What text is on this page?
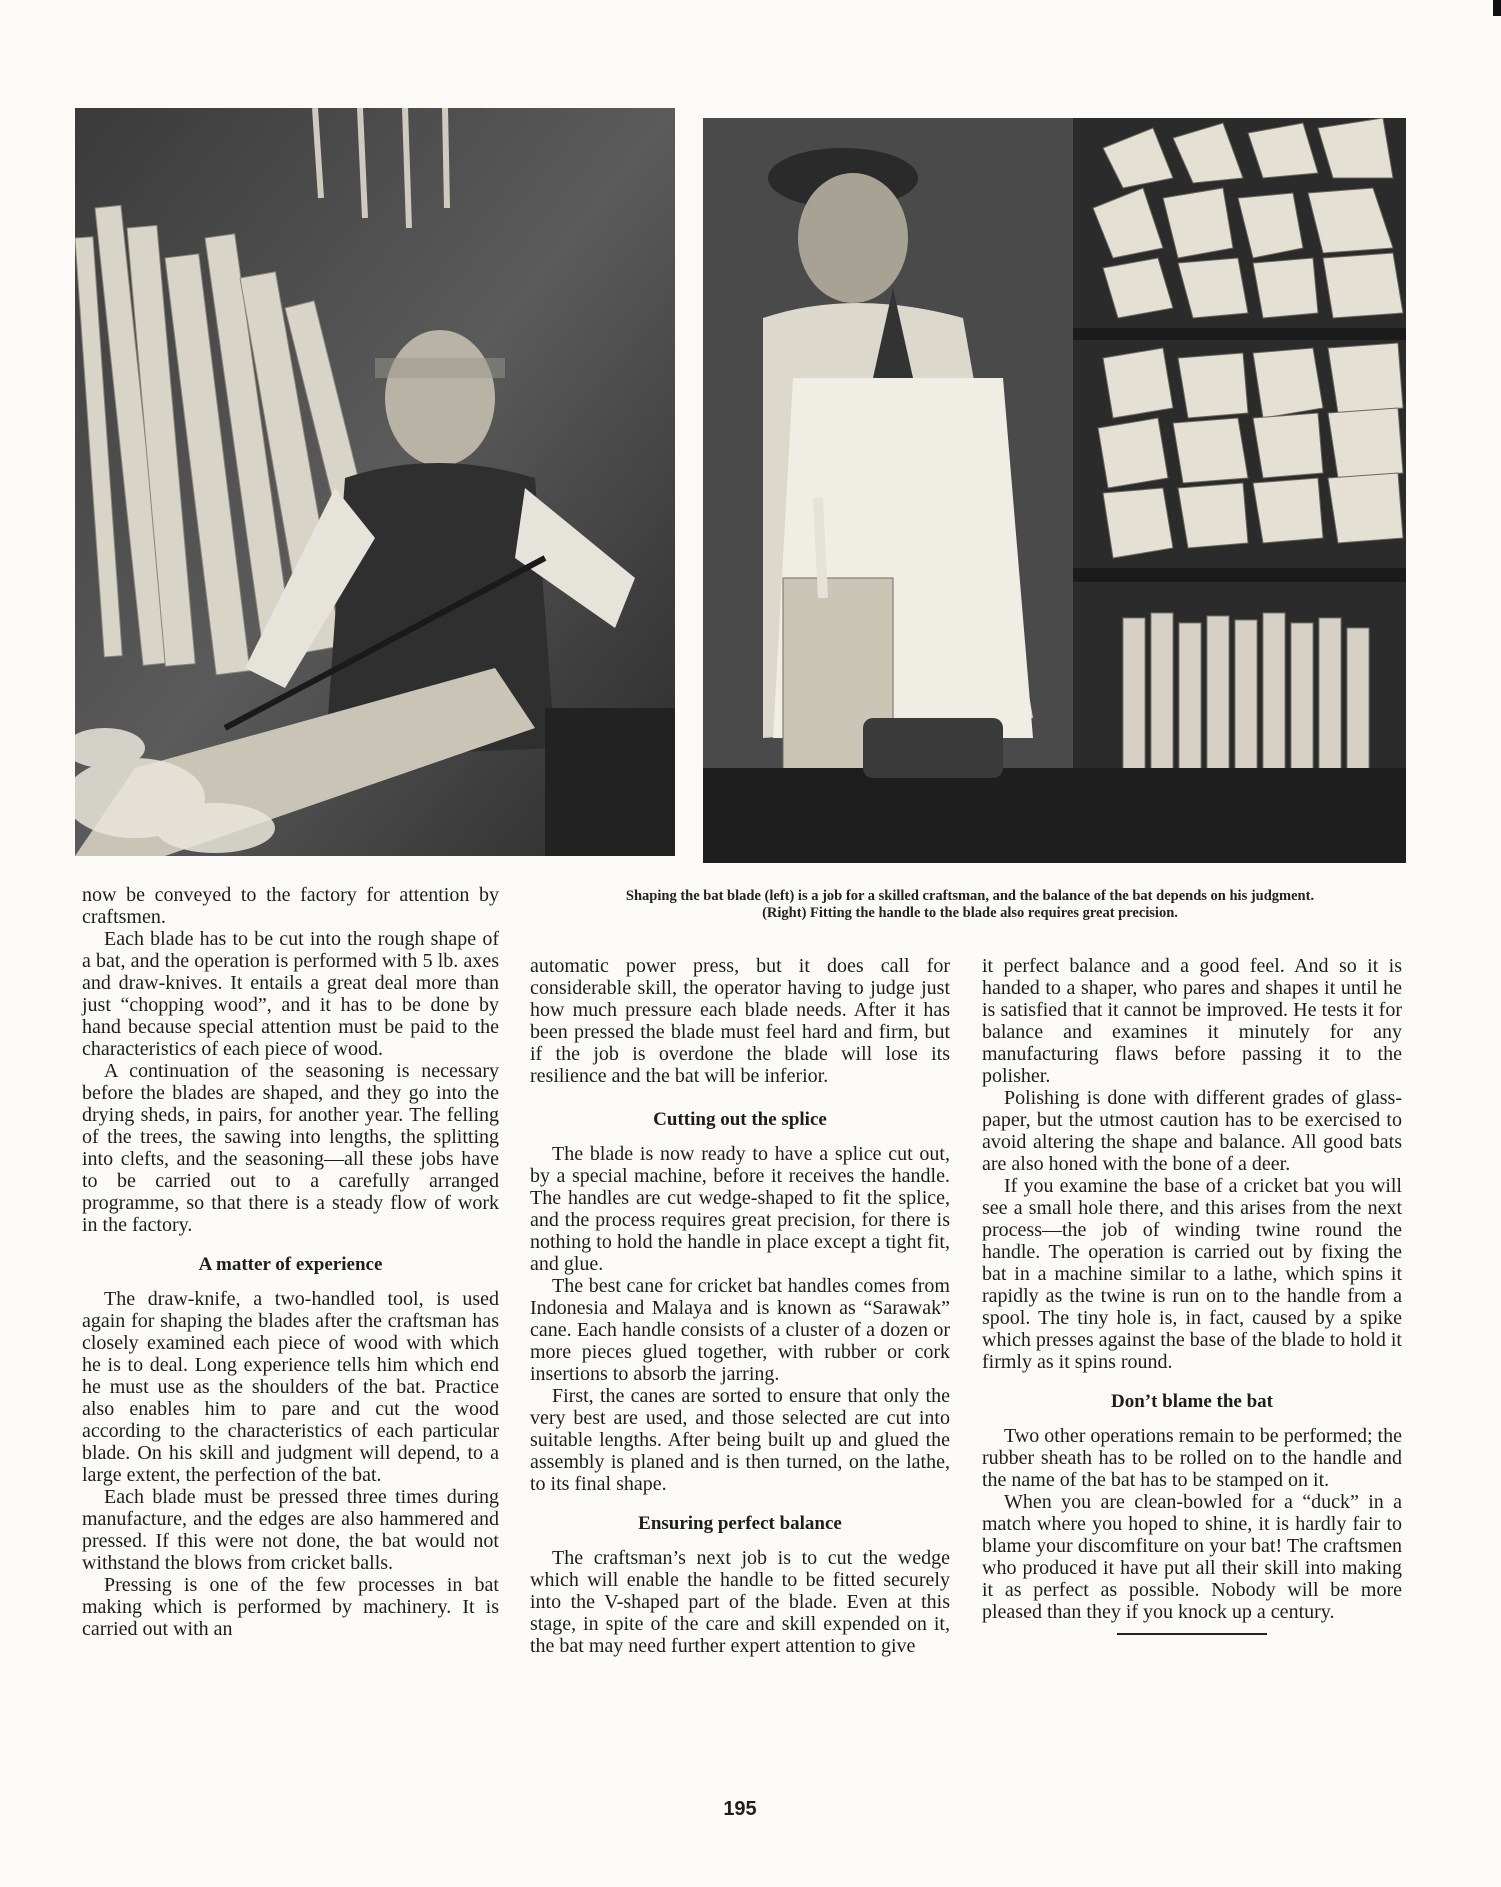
Shaping the bat blade (left) is a job for a skilled craftsman, and the balance of the bat depends on his judgment.
(Right) Fitting the handle to the blade also requires great precision.

now be conveyed to the factory for attention by craftsmen.

Each blade has to be cut into the rough shape of a bat, and the operation is performed with 5 lb. axes and draw-knives. It entails a great deal more than just “chopping wood”, and it has to be done by hand because special attention must be paid to the characteristics of each piece of wood.

A continuation of the seasoning is necessary before the blades are shaped, and they go into the drying sheds, in pairs, for another year. The felling of the trees, the sawing into lengths, the splitting into clefts, and the seasoning—all these jobs have to be carried out to a carefully arranged programme, so that there is a steady flow of work in the factory.

A matter of experience

The draw-knife, a two-handled tool, is used again for shaping the blades after the craftsman has closely examined each piece of wood with which he is to deal. Long experience tells him which end he must use as the shoulders of the bat. Practice also enables him to pare and cut the wood according to the characteristics of each particular blade. On his skill and judgment will depend, to a large extent, the perfection of the bat.

Each blade must be pressed three times during manufacture, and the edges are also hammered and pressed. If this were not done, the bat would not withstand the blows from cricket balls.

Pressing is one of the few processes in bat making which is performed by machinery. It is carried out with an

automatic power press, but it does call for considerable skill, the operator having to judge just how much pressure each blade needs. After it has been pressed the blade must feel hard and firm, but if the job is overdone the blade will lose its resilience and the bat will be inferior.

Cutting out the splice

The blade is now ready to have a splice cut out, by a special machine, before it receives the handle. The handles are cut wedge-shaped to fit the splice, and the process requires great precision, for there is nothing to hold the handle in place except a tight fit, and glue.

The best cane for cricket bat handles comes from Indonesia and Malaya and is known as “Sarawak” cane. Each handle consists of a cluster of a dozen or more pieces glued together, with rubber or cork insertions to absorb the jarring.

First, the canes are sorted to ensure that only the very best are used, and those selected are cut into suitable lengths. After being built up and glued the assembly is planed and is then turned, on the lathe, to its final shape.

Ensuring perfect balance

The craftsman’s next job is to cut the wedge which will enable the handle to be fitted securely into the V-shaped part of the blade. Even at this stage, in spite of the care and skill expended on it, the bat may need further expert attention to give

it perfect balance and a good feel. And so it is handed to a shaper, who pares and shapes it until he is satisfied that it cannot be improved. He tests it for balance and examines it minutely for any manufacturing flaws before passing it to the polisher.

Polishing is done with different grades of glass-paper, but the utmost caution has to be exercised to avoid altering the shape and balance. All good bats are also honed with the bone of a deer.

If you examine the base of a cricket bat you will see a small hole there, and this arises from the next process—the job of winding twine round the handle. The operation is carried out by fixing the bat in a machine similar to a lathe, which spins it rapidly as the twine is run on to the handle from a spool. The tiny hole is, in fact, caused by a spike which presses against the base of the blade to hold it firmly as it spins round.

Don’t blame the bat

Two other operations remain to be performed; the rubber sheath has to be rolled on to the handle and the name of the bat has to be stamped on it.

When you are clean-bowled for a “duck” in a match where you hoped to shine, it is hardly fair to blame your discomfiture on your bat! The craftsmen who produced it have put all their skill into making it as perfect as possible. Nobody will be more pleased than they if you knock up a century.

195
